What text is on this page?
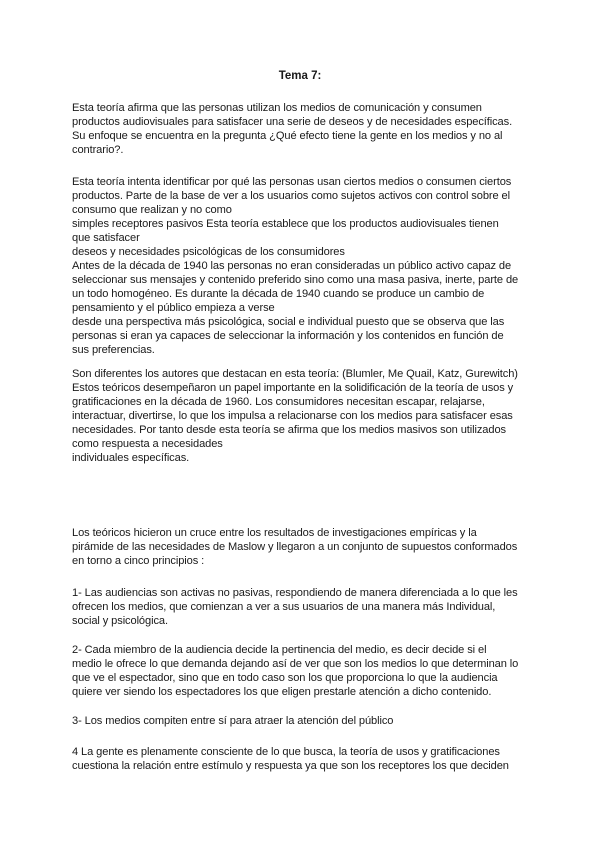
Tema 7:
Esta teoría afirma que las personas utilizan los medios de comunicación y consumen
productos audiovisuales para satisfacer una serie de deseos y de necesidades específicas.
Su enfoque se encuentra en la pregunta ¿Qué efecto tiene la gente en los medios y no al
contrario?.
Esta teoría intenta identificar por qué las personas usan ciertos medios o consumen ciertos
productos. Parte de la base de ver a los usuarios como sujetos activos con control sobre el
consumo que realizan y no como
simples receptores pasivos Esta teoría establece que los productos audiovisuales tienen
que satisfacer
deseos y necesidades psicológicas de los consumidores
Antes de la década de 1940 las personas no eran consideradas un público activo capaz de
seleccionar sus mensajes y contenido preferido sino como una masa pasiva, inerte, parte de
un todo homogéneo. Es durante la década de 1940 cuando se produce un cambio de
pensamiento y el público empieza a verse
desde una perspectiva más psicológica, social e individual puesto que se observa que las
personas si eran ya capaces de seleccionar la información y los contenidos en función de
sus preferencias.
Son diferentes los autores que destacan en esta teoría: (Blumler, Me Quail, Katz, Gurewitch)
Estos teóricos desempeñaron un papel importante en la solidificación de la teoría de usos y
gratificaciones en la década de 1960. Los consumidores necesitan escapar, relajarse,
interactuar, divertirse, lo que los impulsa a relacionarse con los medios para satisfacer esas
necesidades. Por tanto desde esta teoría se afirma que los medios masivos son utilizados
como respuesta a necesidades
individuales específicas.
Los teóricos hicieron un cruce entre los resultados de investigaciones empíricas y la
pirámide de las necesidades de Maslow y llegaron a un conjunto de supuestos conformados
en torno a cinco principios :
1- Las audiencias son activas no pasivas, respondiendo de manera diferenciada a lo que les
ofrecen los medios, que comienzan a ver a sus usuarios de una manera más Individual,
social y psicológica.
2- Cada miembro de la audiencia decide la pertinencia del medio, es decir decide si el
medio le ofrece lo que demanda dejando así de ver que son los medios lo que determinan lo
que ve el espectador, sino que en todo caso son los que proporciona lo que la audiencia
quiere ver siendo los espectadores los que eligen prestarle atención a dicho contenido.
3- Los medios compiten entre sí para atraer la atención del público
4 La gente es plenamente consciente de lo que busca, la teoría de usos y gratificaciones
cuestiona la relación entre estímulo y respuesta ya que son los receptores los que deciden
